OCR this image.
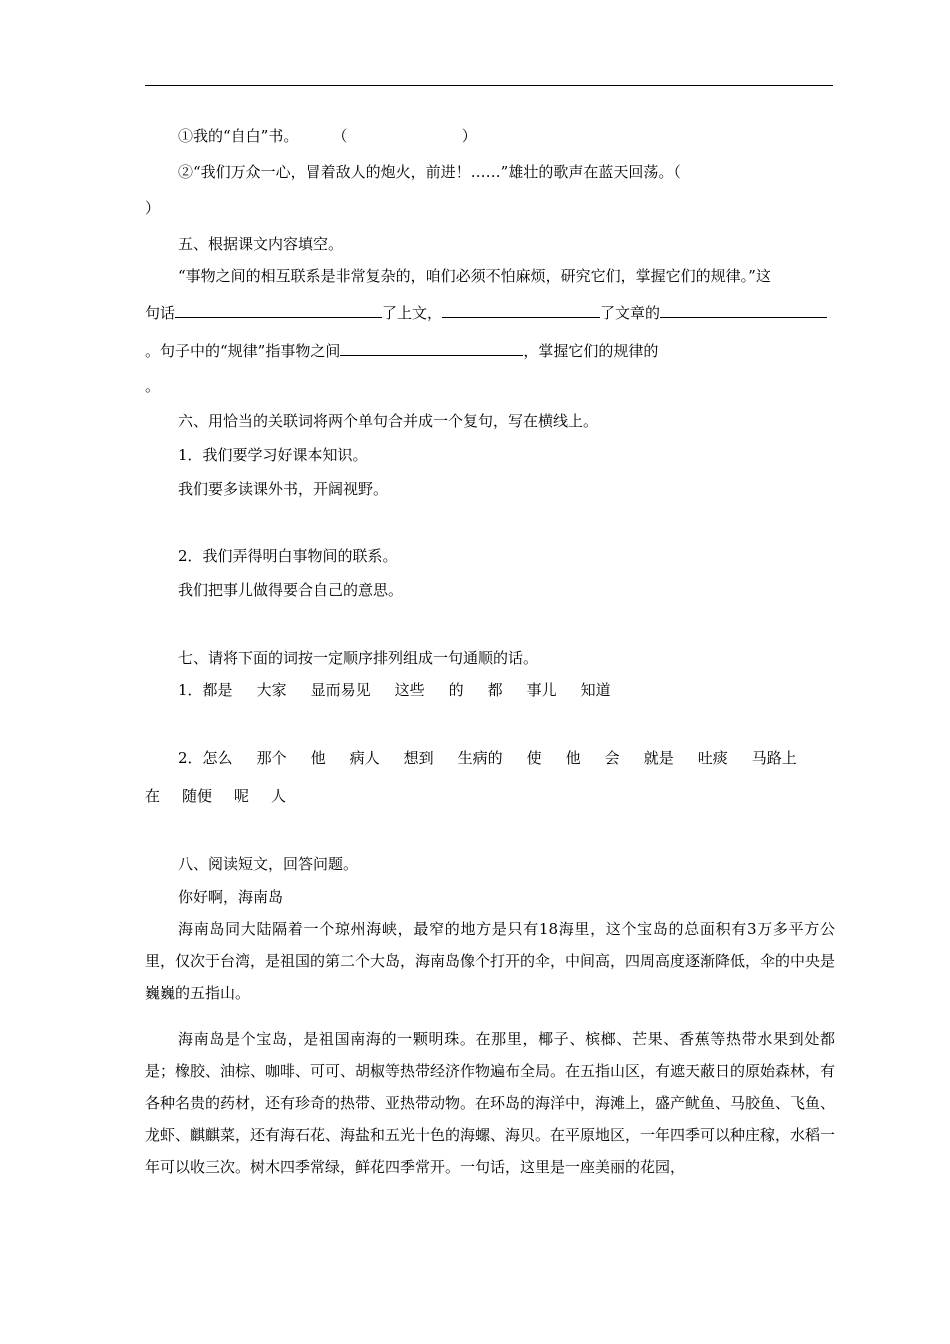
①我的“自白”书。 （                        ）
②“我们万众一心，冒着敌人的炮火，前进！……”雄壮的歌声在蓝天回荡。（
）
五、根据课文内容填空。
“事物之间的相互联系是非常复杂的，咱们必须不怕麻烦，研究它们，掌握它们的规律。”这
句话	了上文，	了文章的
。句子中的“规律”指事物之间	，掌握它们的规律的
。
六、用恰当的关联词将两个单句合并成一个复句，写在横线上。
1．我们要学习好课本知识。
我们要多读课外书，开阔视野。
2．我们弄得明白事物间的联系。
我们把事儿做得要合自己的意思。
七、请将下面的词按一定顺序排列组成一句通顺的话。
1．都是 大家 显而易见 这些 的 都 事儿 知道
2．怎么 那个 他 病人 想到 生病的 使 他 会 就是 吐痰 马路上
在 随便 呢 人
八、阅读短文，回答问题。
你好啊，海南岛
海南岛同大陆隔着一个琼州海峡，最窄的地方是只有18海里，这个宝岛的总面积有3万多平方公里，仅次于台湾，是祖国的第二个大岛，海南岛像个打开的伞，中间高，四周高度逐渐降低，伞的中央是巍巍的五指山。
海南岛是个宝岛，是祖国南海的一颗明珠。在那里，椰子、槟榔、芒果、香蕉等热带水果到处都是；橡胶、油棕、咖啡、可可、胡椒等热带经济作物遍布全局。在五指山区，有遮天蔽日的原始森林，有各种名贵的药材，还有珍奇的热带、亚热带动物。在环岛的海洋中，海滩上，盛产鱿鱼、马胶鱼、飞鱼、龙虾、麒麒菜，还有海石花、海盐和五光十色的海螺、海贝。在平原地区，一年四季可以种庄稼，水稻一年可以收三次。树木四季常绿，鲜花四季常开。一句话，这里是一座美丽的花园，
